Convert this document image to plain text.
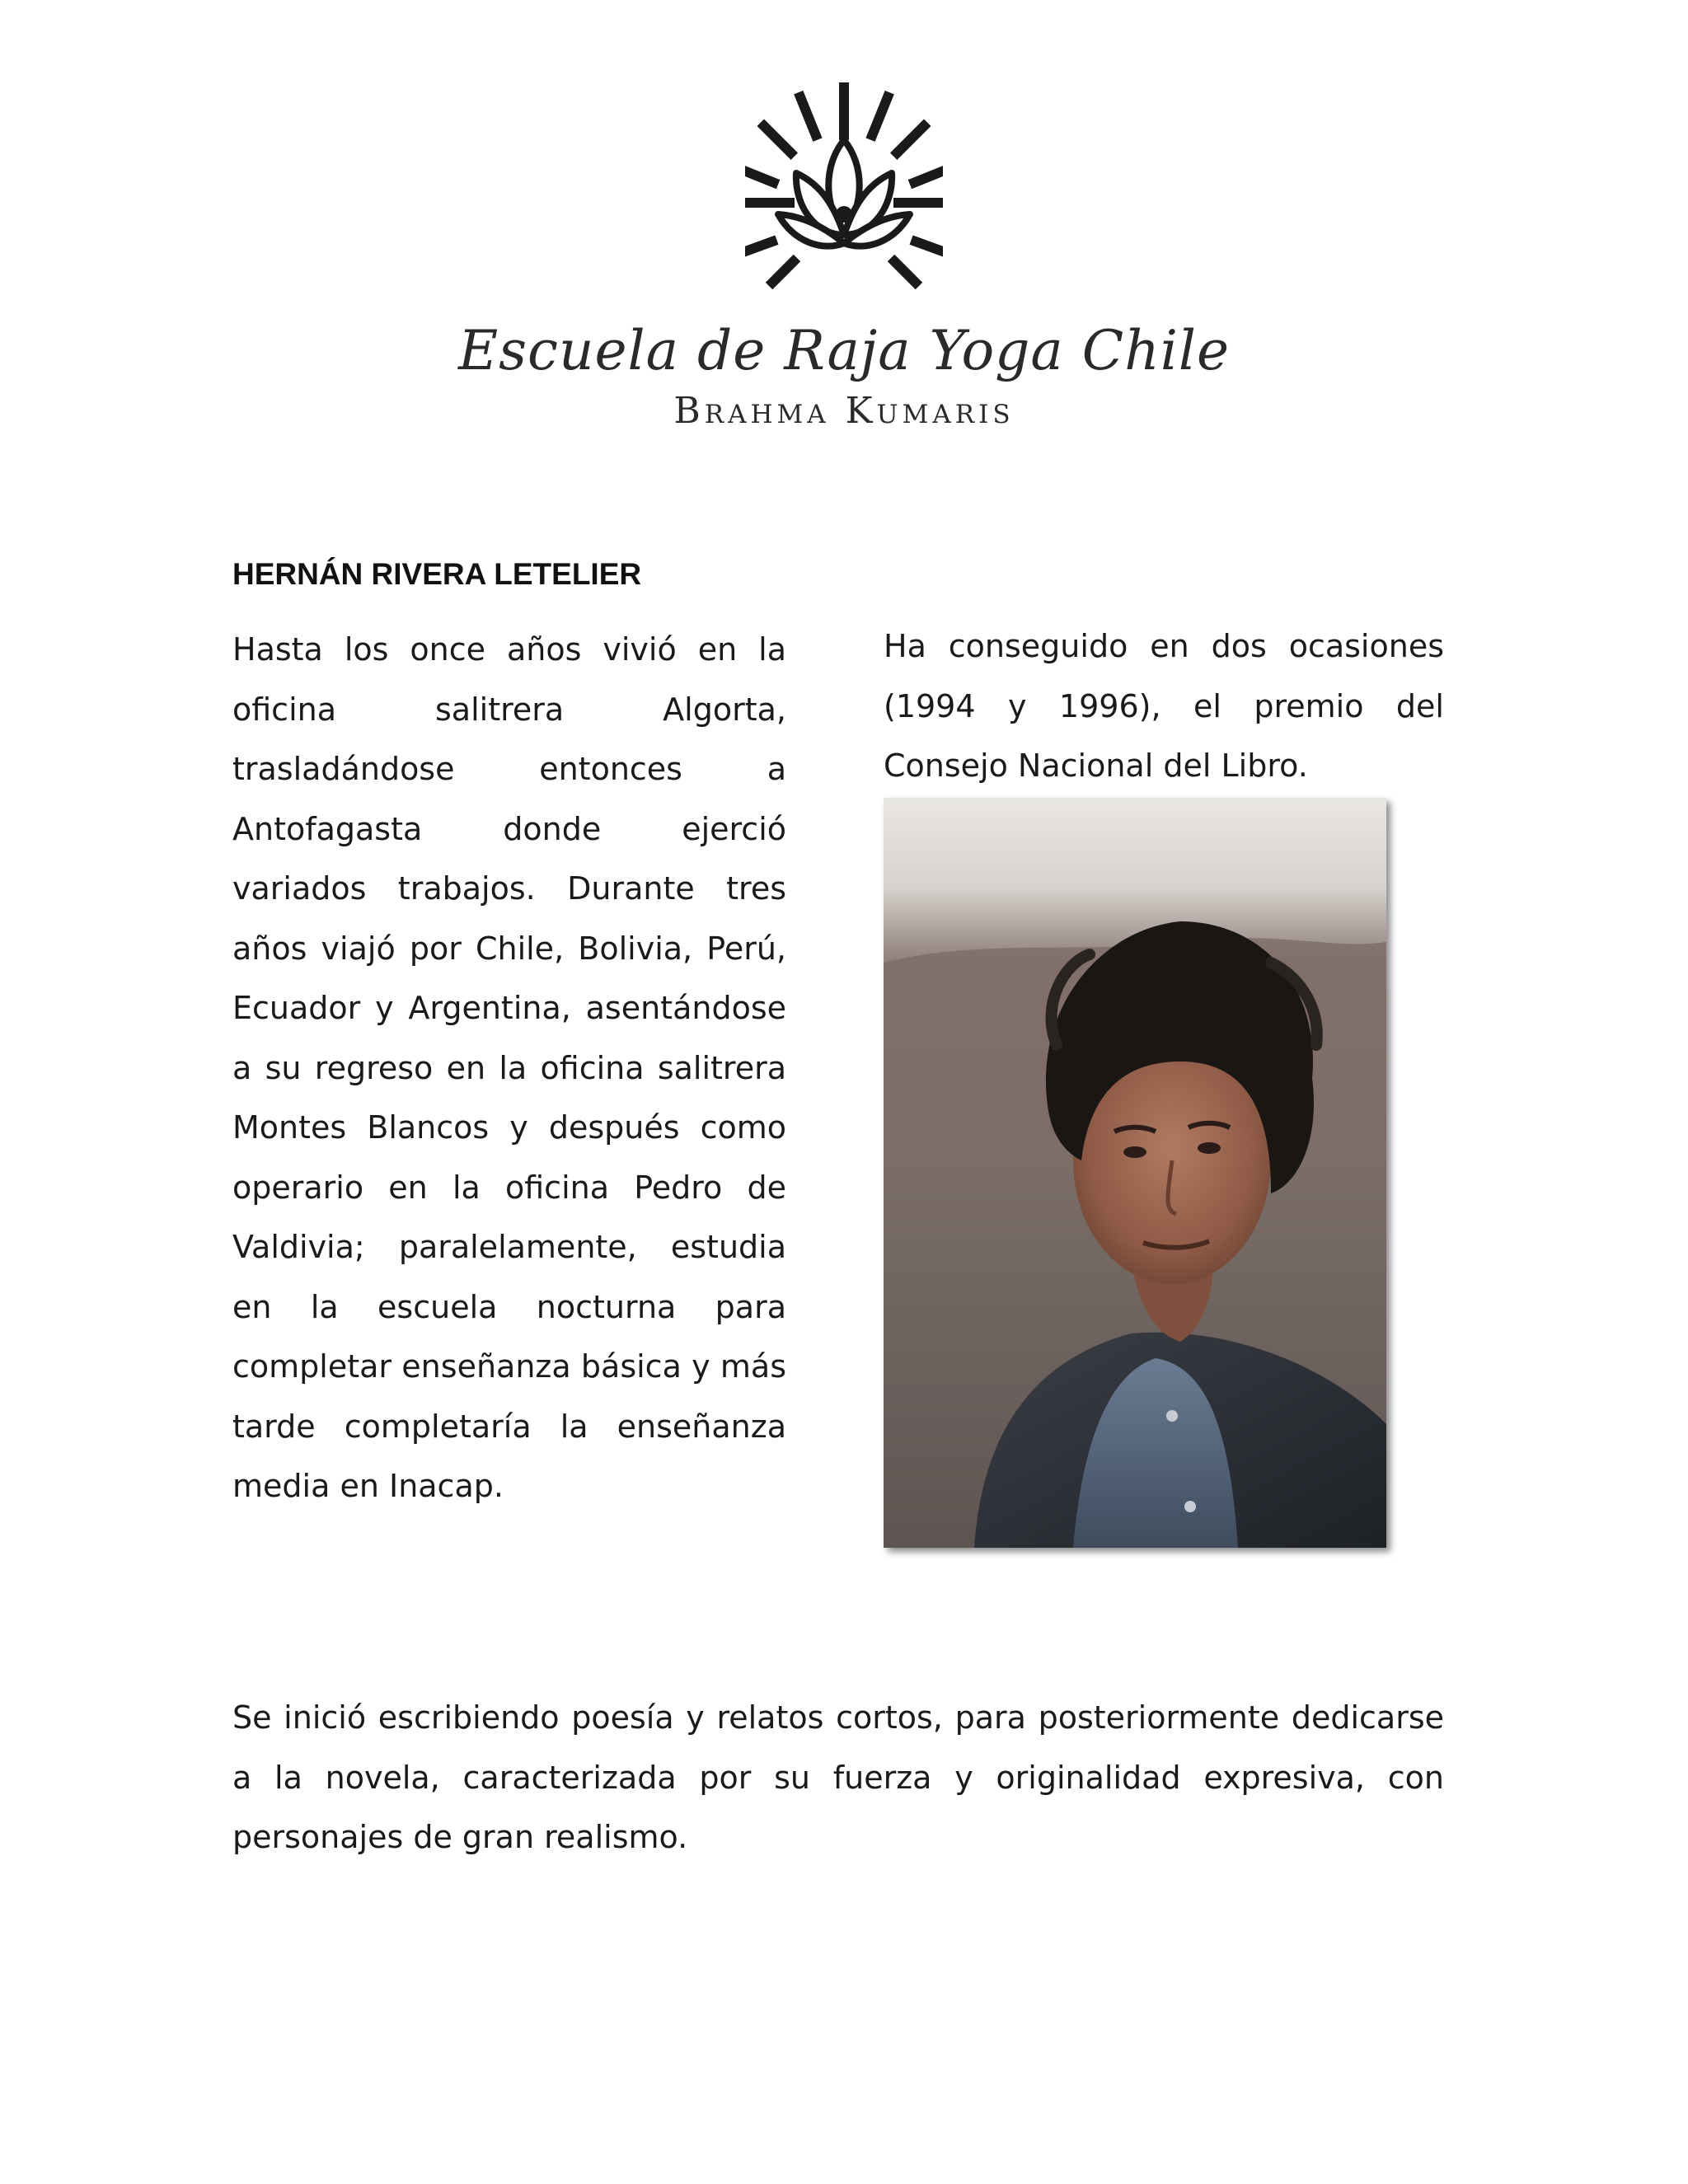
Escuela de Raja Yoga Chile
Brahma Kumaris
HERNÁN RIVERA LETELIER

Hasta los once años vivió en la oficina salitrera Algorta, trasladándose entonces a Antofagasta donde ejerció variados trabajos. Durante tres años viajó por Chile, Bolivia, Perú, Ecuador y Argentina, asentándose a su regreso en la oficina salitrera Montes Blancos y después como operario en la oficina Pedro de Valdivia; paralelamente, estudia en la escuela nocturna para completar enseñanza básica y más tarde completaría la enseñanza media en Inacap.

Ha conseguido en dos ocasiones (1994 y 1996), el premio del Consejo Nacional del Libro.

Se inició escribiendo poesía y relatos cortos, para posteriormente dedicarse a la novela, caracterizada por su fuerza y originalidad expresiva, con personajes de gran realismo.
